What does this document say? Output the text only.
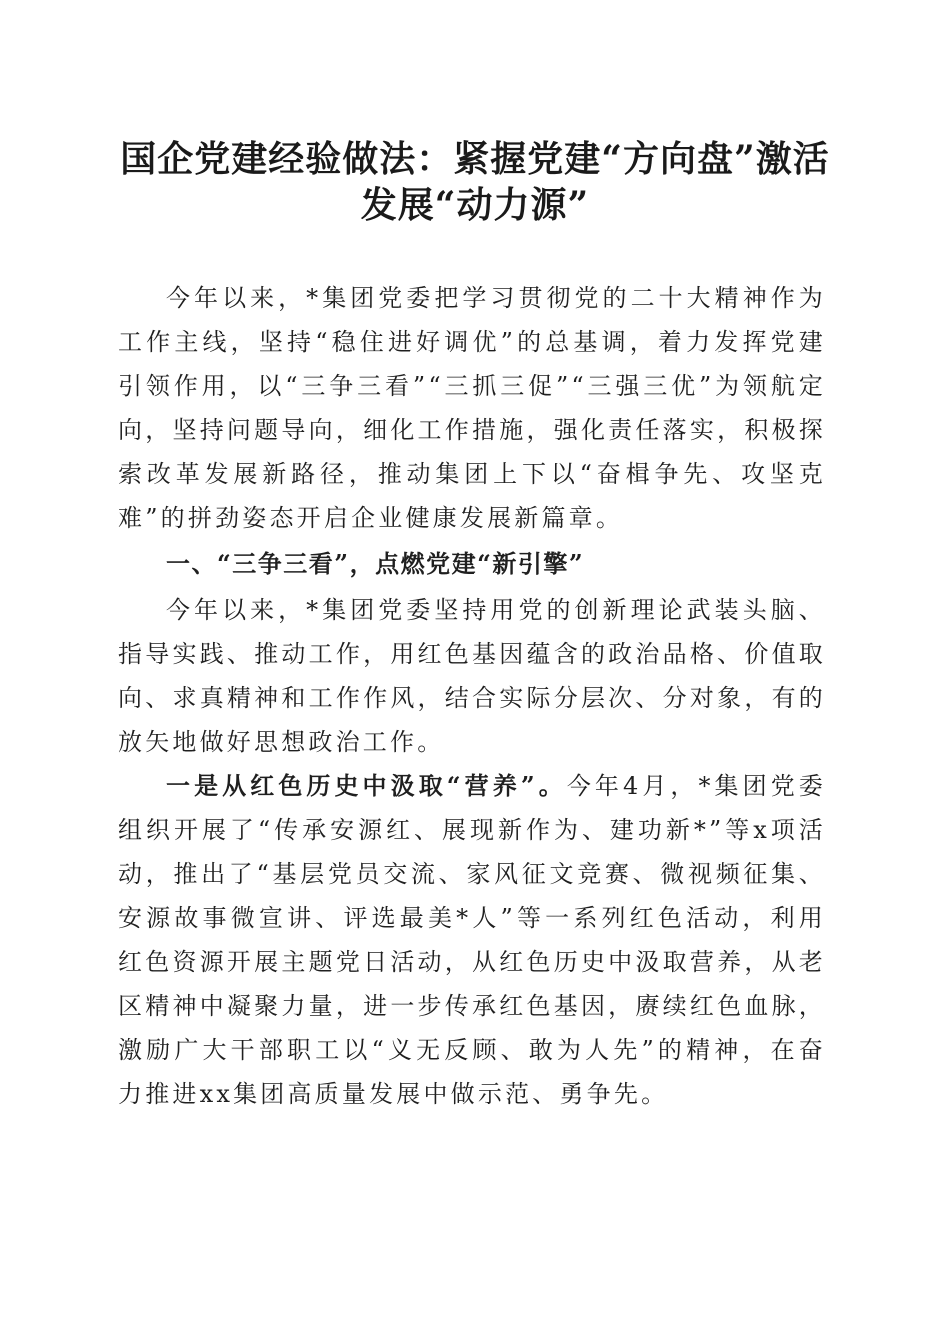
国企党建经验做法：紧握党建“方向盘”激活
发展“动力源”

今年以来，*集团党委把学习贯彻党的二十大精神作为工作主线，坚持“稳住进好调优”的总基调，着力发挥党建引领作用，以“三争三看”“三抓三促”“三强三优”为领航定向，坚持问题导向，细化工作措施，强化责任落实，积极探索改革发展新路径，推动集团上下以“奋楫争先、攻坚克难”的拼劲姿态开启企业健康发展新篇章。

一、“三争三看”，点燃党建“新引擎”

今年以来，*集团党委坚持用党的创新理论武装头脑、指导实践、推动工作，用红色基因蕴含的政治品格、价值取向、求真精神和工作作风，结合实际分层次、分对象，有的放矢地做好思想政治工作。

一是从红色历史中汲取“营养”。今年4月，*集团党委组织开展了“传承安源红、展现新作为、建功新*”等x项活动，推出了“基层党员交流、家风征文竞赛、微视频征集、安源故事微宣讲、评选最美*人”等一系列红色活动，利用红色资源开展主题党日活动，从红色历史中汲取营养，从老区精神中凝聚力量，进一步传承红色基因，赓续红色血脉，激励广大干部职工以“义无反顾、敢为人先”的精神，在奋力推进xx集团高质量发展中做示范、勇争先。
